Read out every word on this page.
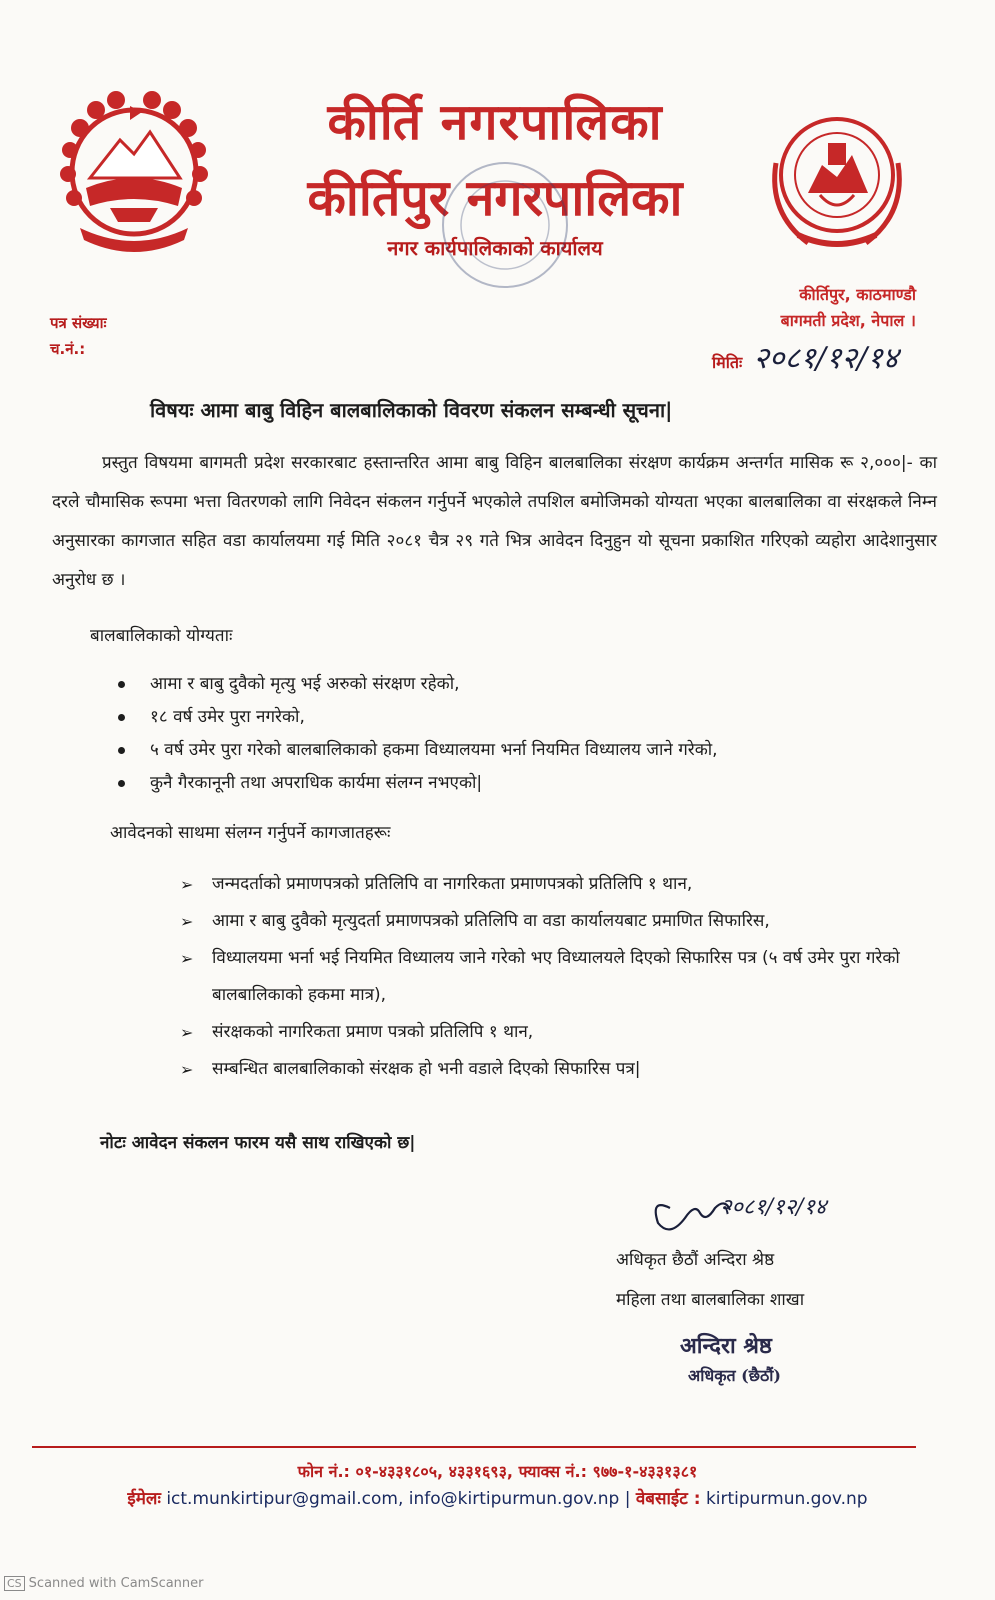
कीर्ति नगरपालिका
कीर्तिपुर नगरपालिका
नगर कार्यपालिकाको कार्यालय
कीर्तिपुर, काठमाण्डौ
बागमती प्रदेश, नेपाल ।
पत्र संख्याः
च.नं.:
मितिः २०८१/१२/१४
विषयः आमा बाबु विहिन बालबालिकाको विवरण संकलन सम्बन्धी सूचना|
प्रस्तुत विषयमा बागमती प्रदेश सरकारबाट हस्तान्तरित आमा बाबु विहिन बालबालिका संरक्षण कार्यक्रम अन्तर्गत मासिक रू २,०००|- का दरले चौमासिक रूपमा भत्ता वितरणको लागि निवेदन संकलन गर्नुपर्ने भएकोले तपशिल बमोजिमको योग्यता भएका बालबालिका वा संरक्षकले निम्न अनुसारका कागजात सहित वडा कार्यालयमा गई मिति २०८१ चैत्र २९ गते भित्र आवेदन दिनुहुन यो सूचना प्रकाशित गरिएको व्यहोरा आदेशानुसार अनुरोध छ ।
बालबालिकाको योग्यताः
आमा र बाबु दुवैको मृत्यु भई अरुको संरक्षण रहेको,
१८ वर्ष उमेर पुरा नगरेको,
५ वर्ष उमेर पुरा गरेको बालबालिकाको हकमा विध्यालयमा भर्ना नियमित विध्यालय जाने गरेको,
कुनै गैरकानूनी तथा अपराधिक कार्यमा संलग्न नभएको|
आवेदनको साथमा संलग्न गर्नुपर्ने कागजातहरूः
➢ जन्मदर्ताको प्रमाणपत्रको प्रतिलिपि वा नागरिकता प्रमाणपत्रको प्रतिलिपि १ थान,
➢ आमा र बाबु दुवैको मृत्युदर्ता प्रमाणपत्रको प्रतिलिपि वा वडा कार्यालयबाट प्रमाणित सिफारिस,
➢ विध्यालयमा भर्ना भई नियमित विध्यालय जाने गरेको भए विध्यालयले दिएको सिफारिस पत्र (५ वर्ष उमेर पुरा गरेको बालबालिकाको हकमा मात्र),
➢ संरक्षकको नागरिकता प्रमाण पत्रको प्रतिलिपि १ थान,
➢ सम्बन्धित बालबालिकाको संरक्षक हो भनी वडाले दिएको सिफारिस पत्र|
नोटः आवेदन संकलन फारम यसै साथ राखिएको छ|
२०८१/१२/१४
अधिकृत छैठौं अन्दिरा श्रेष्ठ
महिला तथा बालबालिका शाखा
अन्दिरा श्रेष्ठ
अधिकृत (छैठौं)
फोन नं.: ०१-४३३१८०५, ४३३१६९३, फ्याक्स नं.: ९७७-१-४३३१३८१
ईमेलः ict.munkirtipur@gmail.com, info@kirtipurmun.gov.np | वेबसाईट : kirtipurmun.gov.np
CS Scanned with CamScanner
